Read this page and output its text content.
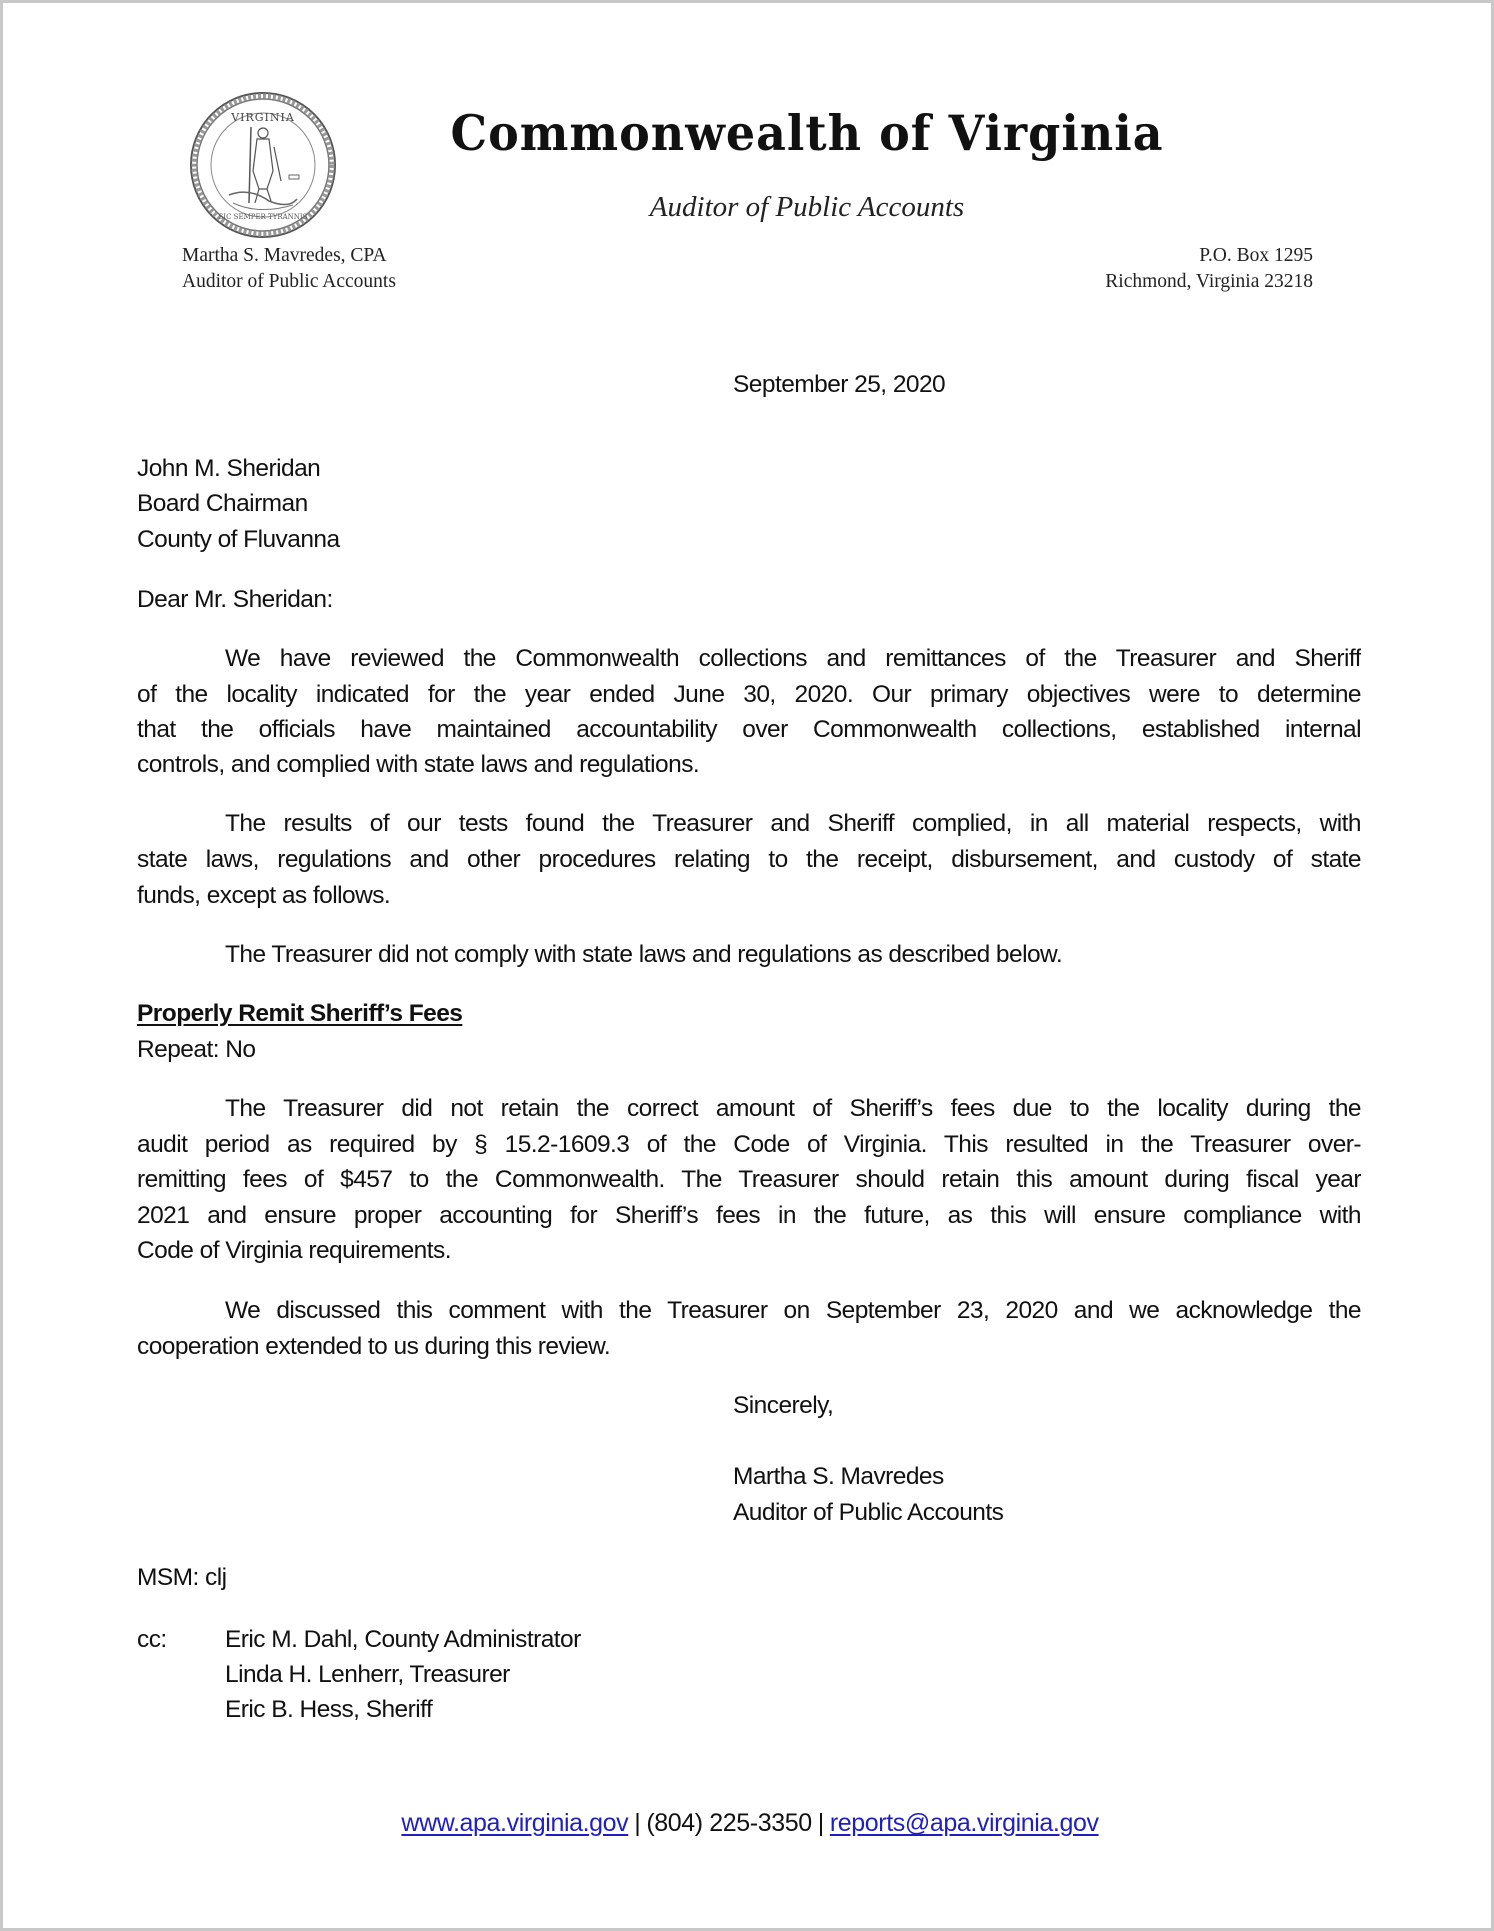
VIRGINIA
SIC SEMPER TYRANNIS
Commonwealth of Virginia
Auditor of Public Accounts
Martha S. Mavredes, CPA
Auditor of Public Accounts
P.O. Box 1295
Richmond, Virginia 23218
September 25, 2020
John M. Sheridan
Board Chairman
County of Fluvanna
Dear Mr. Sheridan:
We have reviewed the Commonwealth collections and remittances of the Treasurer and Sheriff
of the locality indicated for the year ended June 30, 2020. Our primary objectives were to determine
that the officials have maintained accountability over Commonwealth collections, established internal
controls, and complied with state laws and regulations.
The results of our tests found the Treasurer and Sheriff complied, in all material respects, with
state laws, regulations and other procedures relating to the receipt, disbursement, and custody of state
funds, except as follows.
The Treasurer did not comply with state laws and regulations as described below.
Properly Remit Sheriff’s Fees
Repeat: No
The Treasurer did not retain the correct amount of Sheriff’s fees due to the locality during the
audit period as required by § 15.2-1609.3 of the Code of Virginia. This resulted in the Treasurer over-
remitting fees of $457 to the Commonwealth. The Treasurer should retain this amount during fiscal year
2021 and ensure proper accounting for Sheriff’s fees in the future, as this will ensure compliance with
Code of Virginia requirements.
We discussed this comment with the Treasurer on September 23, 2020 and we acknowledge the
cooperation extended to us during this review.
Sincerely,
Martha S. Mavredes
Auditor of Public Accounts
MSM: clj
cc: Eric M. Dahl, County Administrator
Linda H. Lenherr, Treasurer
Eric B. Hess, Sheriff
www.apa.virginia.gov | (804) 225-3350 | reports@apa.virginia.gov
